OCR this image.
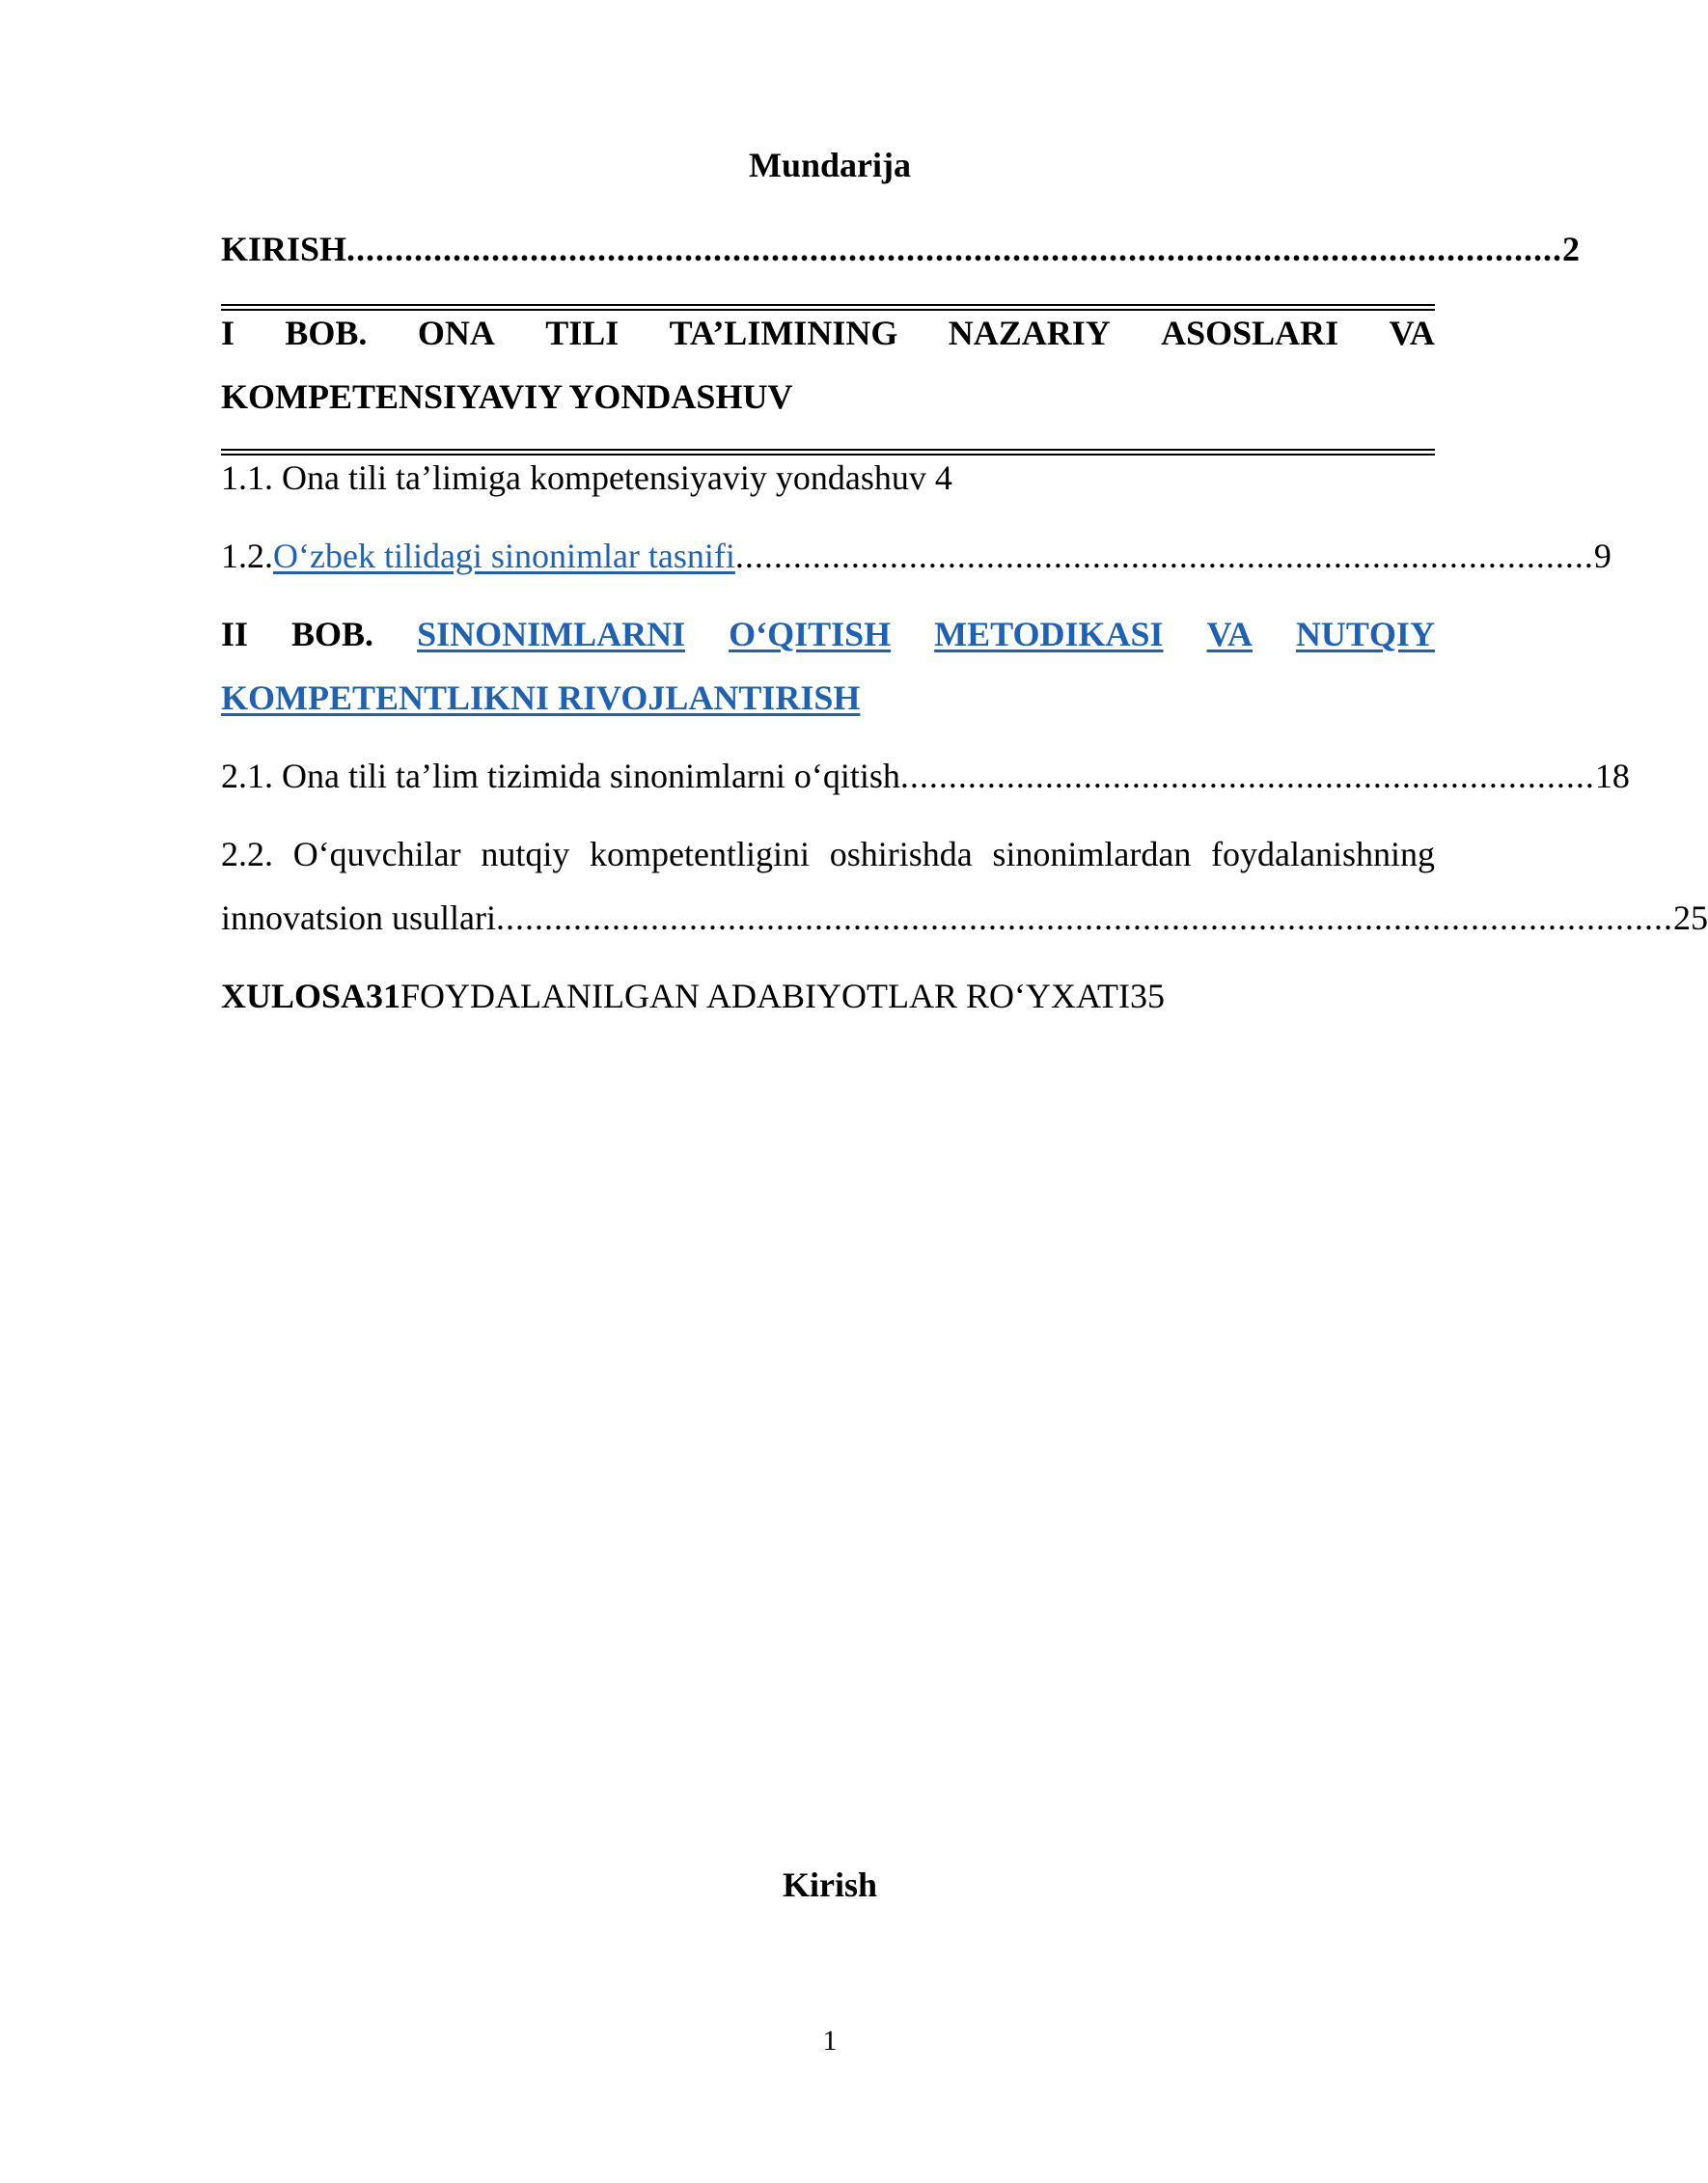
Mundarija
KIRISH .............................................................................................................................. 2
I BOB. ONA TILI TA’LIMINING NAZARIY ASOSLARI VA
KOMPETENSIYAVIY YONDASHUV
1.1. Ona tili ta’limiga kompetensiyaviy yondashuv 4
1.2. O‘zbek tilidagi sinonimlar tasnifi ......................................................................................... 9
II BOB. SINONIMLARNI O‘QITISH METODIKASI VA NUTQIY
KOMPETENTLIKNI RIVOJLANTIRISH
2.1. Ona tili ta’lim tizimida sinonimlarni o‘qitish ........................................................................ 18
2.2. O‘quvchilar nutqiy kompetentligini oshirishda sinonimlardan foydalanishning
innovatsion usullari .......................................................................................................................... 25
XULOSA31FOYDALANILGAN ADABIYOTLAR RO‘YXATI35
Kirish
1
